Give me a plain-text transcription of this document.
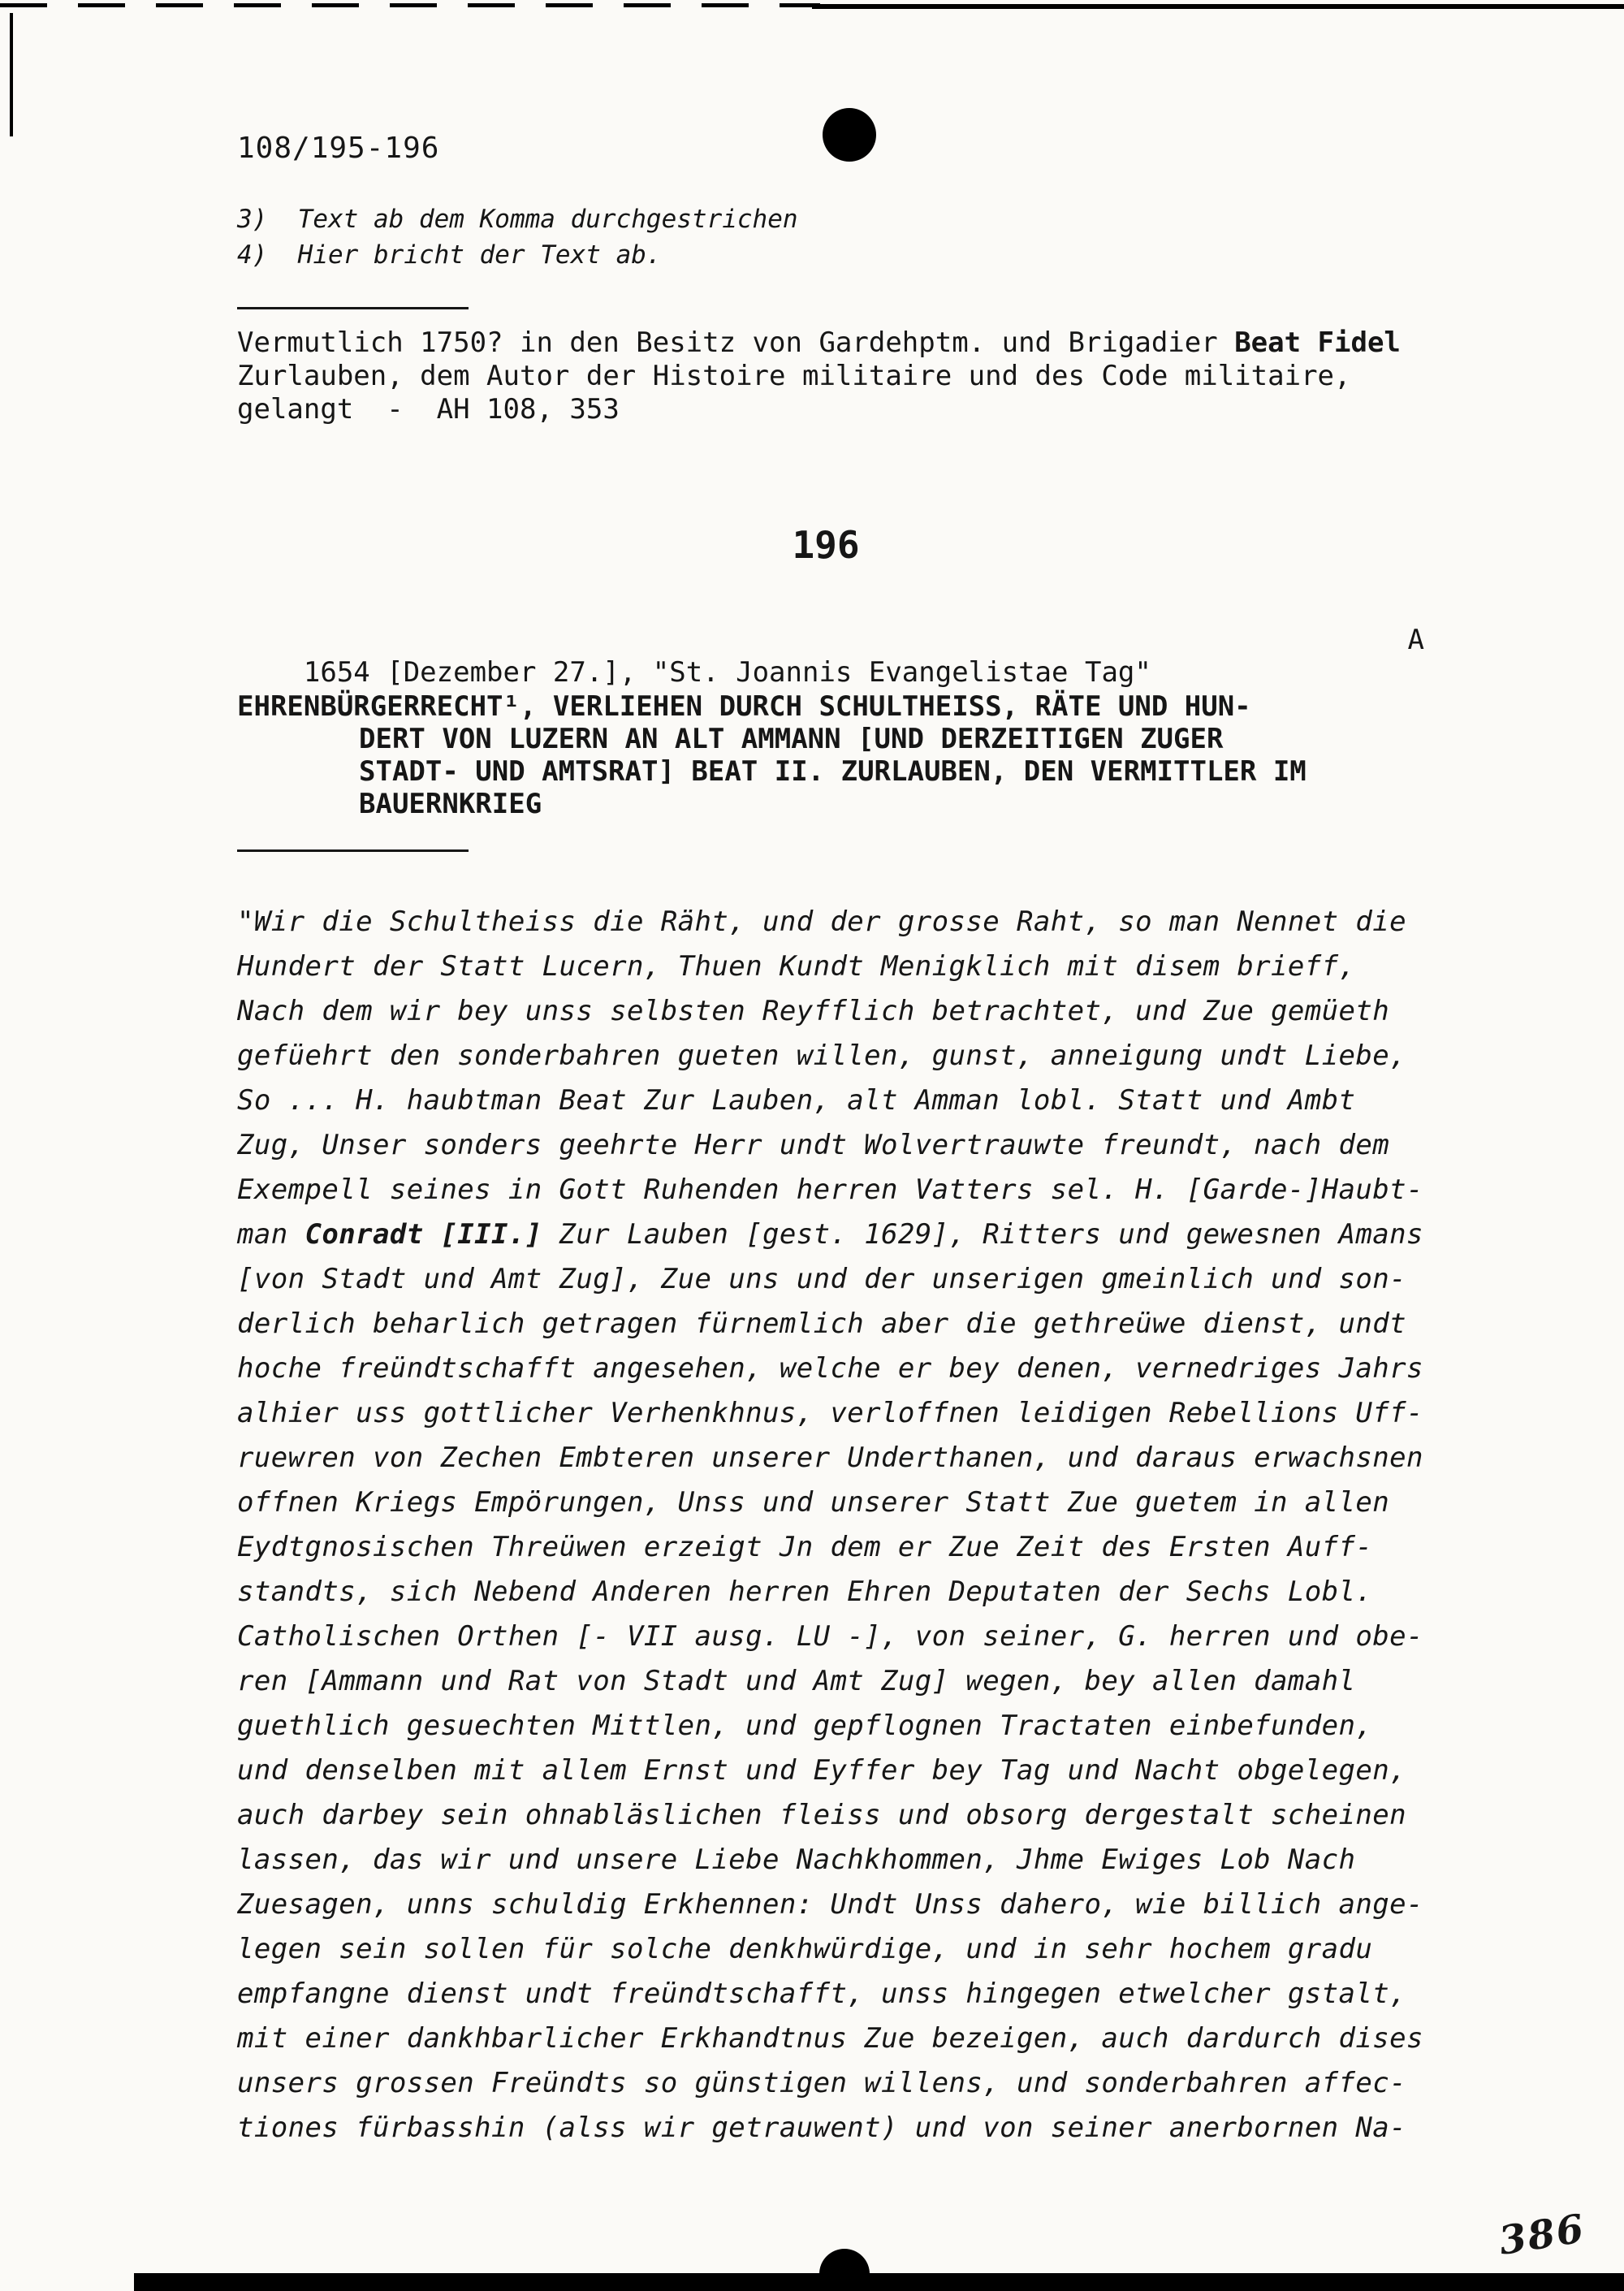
108/195-196
3)  Text ab dem Komma durchgestrichen
4)  Hier bricht der Text ab.
Vermutlich 1750? in den Besitz von Gardehptm. und Brigadier Beat Fidel
Zurlauben, dem Autor der Histoire militaire und des Code militaire,
gelangt  -  AH 108, 353
196

1654 [Dezember 27.], "St. Joannis Evangelistae Tag"

A

EHRENBÜRGERRECHT¹, VERLIEHEN DURCH SCHULTHEISS, RÄTE UND HUN-
DERT VON LUZERN AN ALT AMMANN [UND DERZEITIGEN ZUGER
STADT- UND AMTSRAT] BEAT II. ZURLAUBEN, DEN VERMITTLER IM
BAUERNKRIEG
"Wir die Schultheiss die Räht, und der grosse Raht, so man Nennet die
Hundert der Statt Lucern, Thuen Kundt Menigklich mit disem brieff,
Nach dem wir bey unss selbsten Reyfflich betrachtet, und Zue gemüeth
gefüehrt den sonderbahren gueten willen, gunst, anneigung undt Liebe,
So ... H. haubtman Beat Zur Lauben, alt Amman lobl. Statt und Ambt
Zug, Unser sonders geehrte Herr undt Wolvertrauwte freundt, nach dem
Exempell seines in Gott Ruhenden herren Vatters sel. H. [Garde-]Haubt-
man Conradt [III.] Zur Lauben [gest. 1629], Ritters und gewesnen Amans
[von Stadt und Amt Zug], Zue uns und der unserigen gmeinlich und son-
derlich beharlich getragen fürnemlich aber die gethreüwe dienst, undt
hoche freündtschafft angesehen, welche er bey denen, vernedriges Jahrs
alhier uss gottlicher Verhenkhnus, verloffnen leidigen Rebellions Uff-
ruewren von Zechen Embteren unserer Underthanen, und daraus erwachsnen
offnen Kriegs Empörungen, Unss und unserer Statt Zue guetem in allen
Eydtgnosischen Threüwen erzeigt Jn dem er Zue Zeit des Ersten Auff-
standts, sich Nebend Anderen herren Ehren Deputaten der Sechs Lobl.
Catholischen Orthen [- VII ausg. LU -], von seiner, G. herren und obe-
ren [Ammann und Rat von Stadt und Amt Zug] wegen, bey allen damahl
guethlich gesuechten Mittlen, und gepflognen Tractaten einbefunden,
und denselben mit allem Ernst und Eyffer bey Tag und Nacht obgelegen,
auch darbey sein ohnabläslichen fleiss und obsorg dergestalt scheinen
lassen, das wir und unsere Liebe Nachkhommen, Jhme Ewiges Lob Nach
Zuesagen, unns schuldig Erkhennen: Undt Unss dahero, wie billich ange-
legen sein sollen für solche denkhwürdige, und in sehr hochem gradu
empfangne dienst undt freündtschafft, unss hingegen etwelcher gstalt,
mit einer dankhbarlicher Erkhandtnus Zue bezeigen, auch dardurch dises
unsers grossen Freündts so günstigen willens, und sonderbahren affec-
tiones fürbasshin (alss wir getrauwent) und von seiner anerbornen Na-
386
